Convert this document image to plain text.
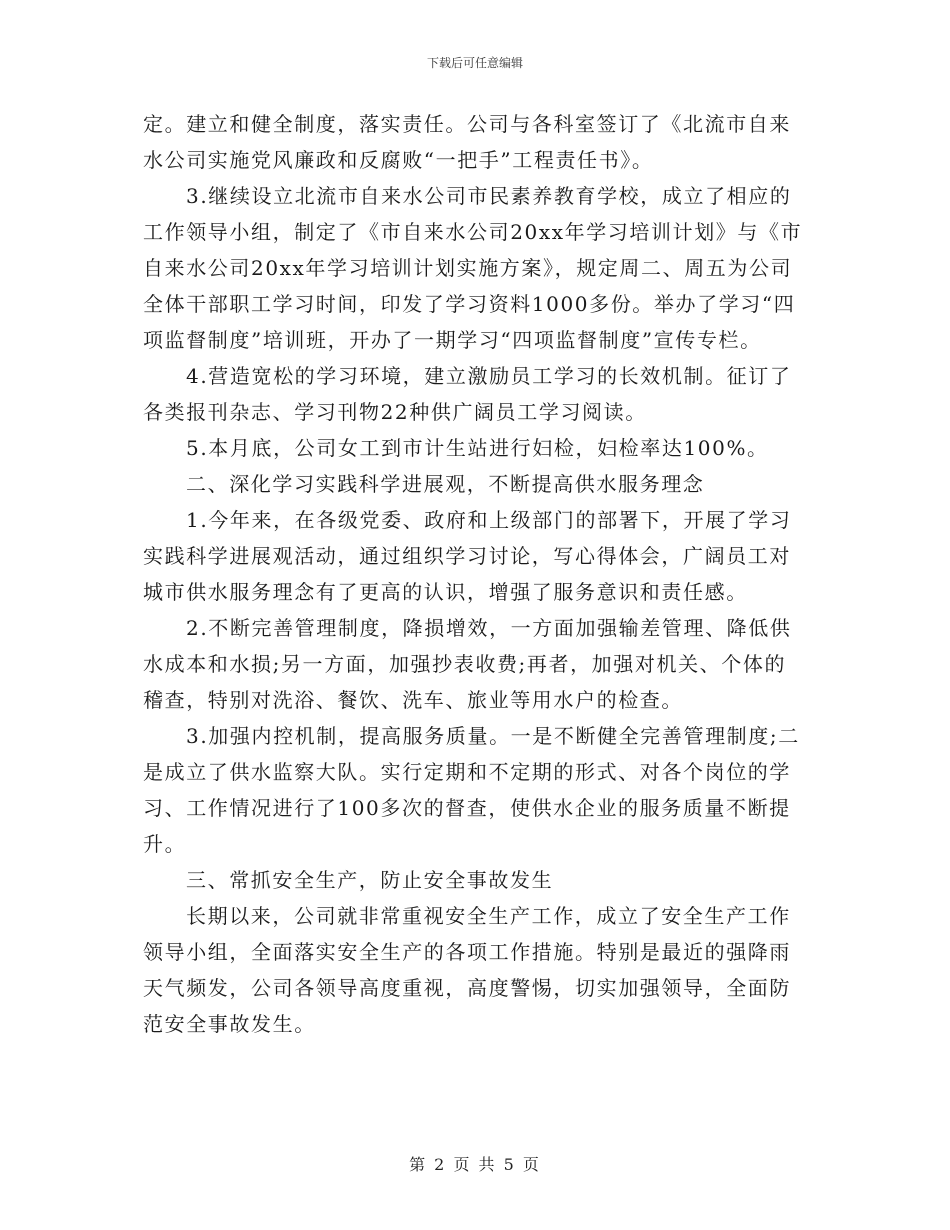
下载后可任意编辑
定。建立和健全制度，落实责任。公司与各科室签订了《北流市自来
水公司实施党风廉政和反腐败“一把手”工程责任书》。
3.继续设立北流市自来水公司市民素养教育学校，成立了相应的
工作领导小组，制定了《市自来水公司20xx年学习培训计划》与《市
自来水公司20xx年学习培训计划实施方案》，规定周二、周五为公司
全体干部职工学习时间，印发了学习资料1000多份。举办了学习“四
项监督制度”培训班，开办了一期学习“四项监督制度”宣传专栏。
4.营造宽松的学习环境，建立激励员工学习的长效机制。征订了
各类报刊杂志、学习刊物22种供广阔员工学习阅读。
5.本月底，公司女工到市计生站进行妇检，妇检率达100%。
二、深化学习实践科学进展观，不断提高供水服务理念
1.今年来，在各级党委、政府和上级部门的部署下，开展了学习
实践科学进展观活动，通过组织学习讨论，写心得体会，广阔员工对
城市供水服务理念有了更高的认识，增强了服务意识和责任感。
2.不断完善管理制度，降损增效，一方面加强输差管理、降低供
水成本和水损;另一方面，加强抄表收费;再者，加强对机关、个体的
稽查，特别对洗浴、餐饮、洗车、旅业等用水户的检查。
3.加强内控机制，提高服务质量。一是不断健全完善管理制度;二
是成立了供水监察大队。实行定期和不定期的形式、对各个岗位的学
习、工作情况进行了100多次的督查，使供水企业的服务质量不断提
升。
三、常抓安全生产，防止安全事故发生
长期以来，公司就非常重视安全生产工作，成立了安全生产工作
领导小组，全面落实安全生产的各项工作措施。特别是最近的强降雨
天气频发，公司各领导高度重视，高度警惕，切实加强领导，全面防
范安全事故发生。
第 2 页 共 5 页
